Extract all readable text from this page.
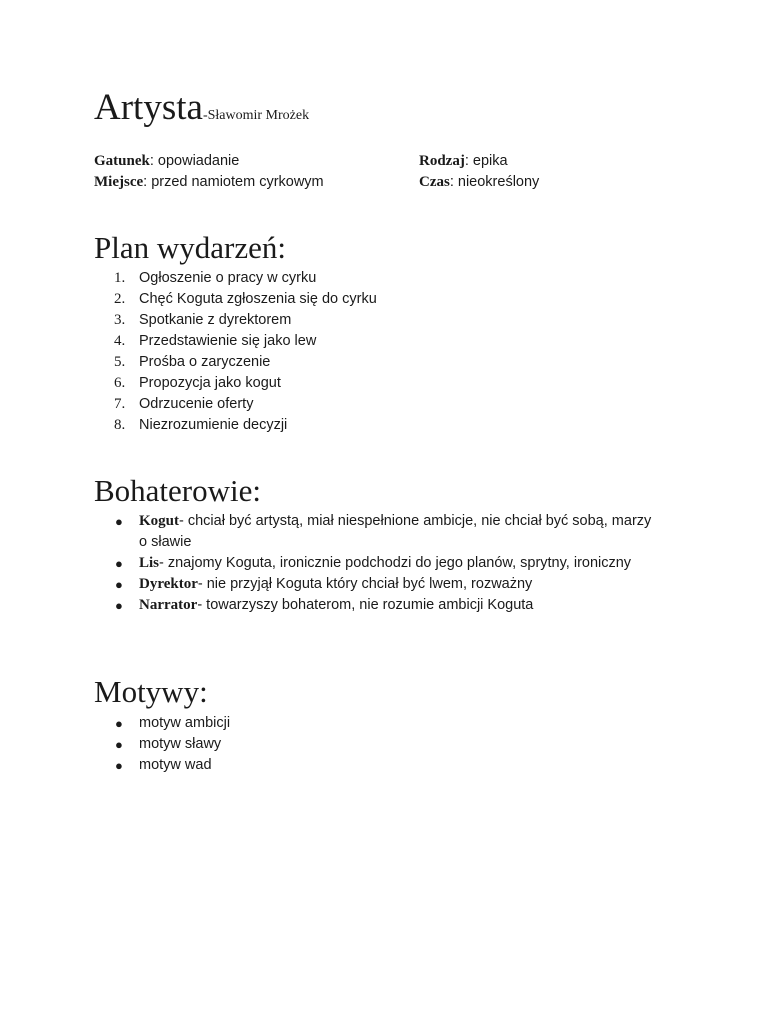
Artysta-Sławomir Mrożek
Gatunek: opowiadanie	Rodzaj: epika
Miejsce: przed namiotem cyrkowym	Czas: nieokreślony
Plan wydarzeń:
1. Ogłoszenie o pracy w cyrku
2. Chęć Koguta zgłoszenia się do cyrku
3. Spotkanie z dyrektorem
4. Przedstawienie się jako lew
5. Prośba o zaryczenie
6. Propozycja jako kogut
7. Odrzucenie oferty
8. Niezrozumienie decyzji
Bohaterowie:
● Kogut- chciał być artystą, miał niespełnione ambicje, nie chciał być sobą, marzy o sławie
● Lis- znajomy Koguta, ironicznie podchodzi do jego planów, sprytny, ironiczny
● Dyrektor- nie przyjął Koguta który chciał być lwem, rozważny
● Narrator- towarzyszy bohaterom, nie rozumie ambicji Koguta
Motywy:
● motyw ambicji
● motyw sławy
● motyw wad
